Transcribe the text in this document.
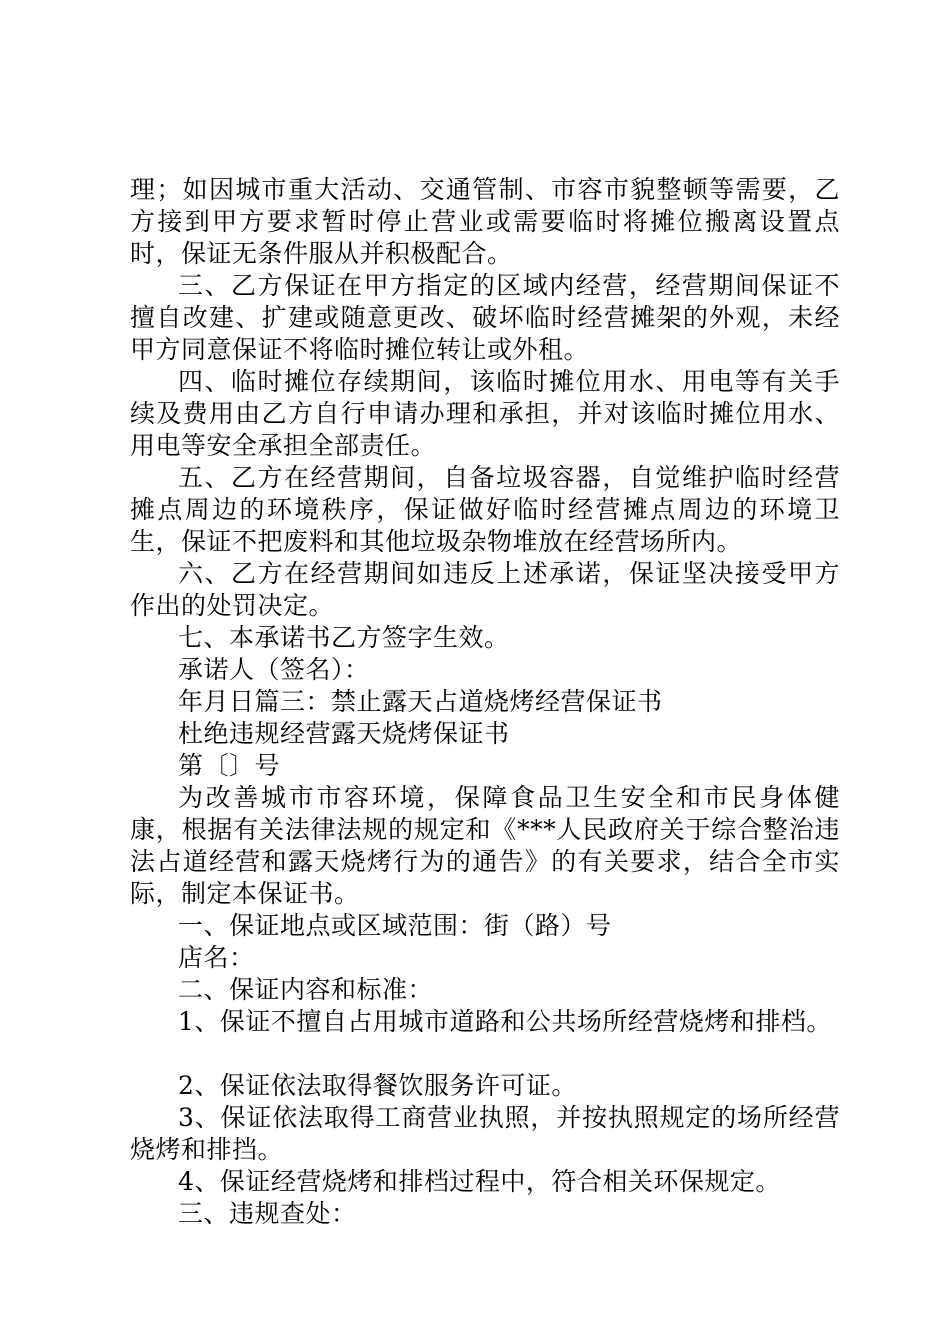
理；如因城市重大活动、交通管制、市容市貌整顿等需要，乙方接到甲方要求暂时停止营业或需要临时将摊位搬离设置点时，保证无条件服从并积极配合。

三、乙方保证在甲方指定的区域内经营，经营期间保证不擅自改建、扩建或随意更改、破坏临时经营摊架的外观，未经甲方同意保证不将临时摊位转让或外租。

四、临时摊位存续期间，该临时摊位用水、用电等有关手续及费用由乙方自行申请办理和承担，并对该临时摊位用水、用电等安全承担全部责任。

五、乙方在经营期间，自备垃圾容器，自觉维护临时经营摊点周边的环境秩序，保证做好临时经营摊点周边的环境卫生，保证不把废料和其他垃圾杂物堆放在经营场所内。

六、乙方在经营期间如违反上述承诺，保证坚决接受甲方作出的处罚决定。

七、本承诺书乙方签字生效。

承诺人（签名）：

年月日篇三：禁止露天占道烧烤经营保证书

杜绝违规经营露天烧烤保证书

第〔〕号

为改善城市市容环境，保障食品卫生安全和市民身体健康，根据有关法律法规的规定和《***人民政府关于综合整治违法占道经营和露天烧烤行为的通告》的有关要求，结合全市实际，制定本保证书。

一、保证地点或区域范围：街（路）号

店名：

二、保证内容和标准：

1、保证不擅自占用城市道路和公共场所经营烧烤和排档。

2、保证依法取得餐饮服务许可证。

3、保证依法取得工商营业执照，并按执照规定的场所经营烧烤和排挡。

4、保证经营烧烤和排档过程中，符合相关环保规定。

三、违规查处：
